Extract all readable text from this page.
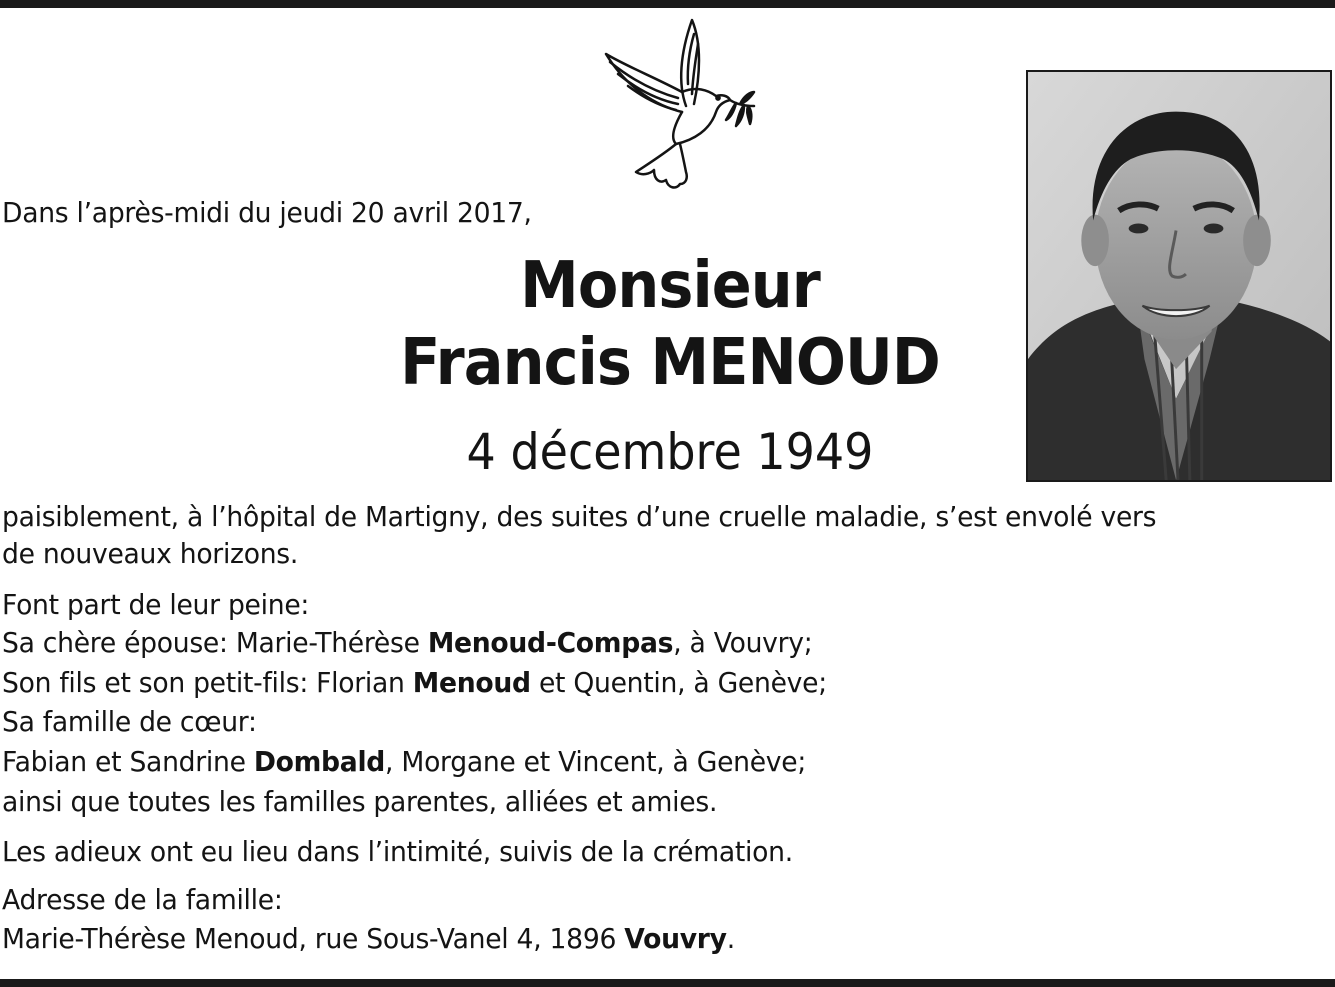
Dans l’après-midi du jeudi 20 avril 2017,

Monsieur
Francis MENOUD
4 décembre 1949

paisiblement, à l’hôpital de Martigny, des suites d’une cruelle maladie, s’est envolé vers

de nouveaux horizons.

Font part de leur peine:

Sa chère épouse: Marie-Thérèse Menoud-Compas, à Vouvry;

Son fils et son petit-fils: Florian Menoud et Quentin, à Genève;

Sa famille de cœur:

Fabian et Sandrine Dombald, Morgane et Vincent, à Genève;

ainsi que toutes les familles parentes, alliées et amies.

Les adieux ont eu lieu dans l’intimité, suivis de la crémation.

Adresse de la famille:

Marie-Thérèse Menoud, rue Sous-Vanel 4, 1896 Vouvry.
